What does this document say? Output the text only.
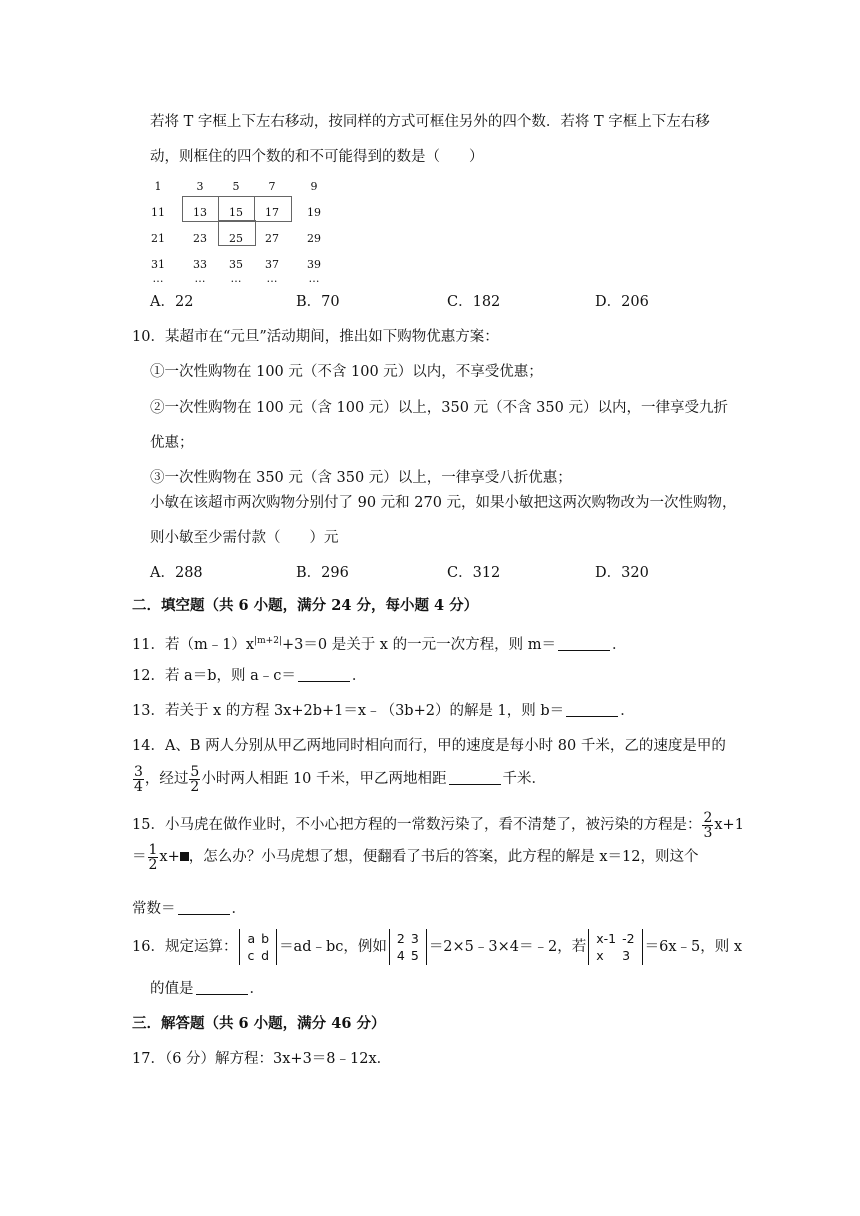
若将 T 字框上下左右移动，按同样的方式可框住另外的四个数．若将 T 字框上下左右移
动，则框住的四个数的和不可能得到的数是（　　）
1	3	5	7	9
11	13	15	17	19
21	23	25	27	29
31	33	35	37	39
…	…	…	…	…
A．22	B．70	C．182	D．206
10．某超市在“元旦”活动期间，推出如下购物优惠方案：
①一次性购物在 100 元（不含 100 元）以内，不享受优惠；
②一次性购物在 100 元（含 100 元）以上，350 元（不含 350 元）以内，一律享受九折
优惠；
③一次性购物在 350 元（含 350 元）以上，一律享受八折优惠；
小敏在该超市两次购物分别付了 90 元和 270 元，如果小敏把这两次购物改为一次性购物，
则小敏至少需付款（　　）元
A．288	B．296	C．312	D．320
二．填空题（共 6 小题，满分 24 分，每小题 4 分）
11．若$(m﹣1)x^{|m+2|}+3=0$ 是关于 x 的一元一次方程，则 m＝	．
12．若 a＝b，则 a﹣c＝	．
13．若关于 x 的方程 3x+2b+1＝x﹣（3b+2）的解是 1，则 b＝	．
14．A、B 两人分别从甲乙两地同时相向而行，甲的速度是每小时 80 千米，乙的速度是甲的
$\frac{3}{4}$ ，经过 $\frac{5}{2}$ 小时两人相距 10 千米，甲乙两地相距	千米．
15．小马虎在做作业时，不小心把方程的一常数污染了，看不清楚了，被污染的方程是： $\frac{2}{3} x+1$
＝ $\frac{1}{2} x+$ ，怎么办？小马虎想了想，便翻看了书后的答案，此方程的解是 x＝12，则这个
常数＝	．
16．规定运算：
a	b
c	d
＝ad﹣bc，例如
2	3
4	5
＝2×5﹣3×4＝﹣2，若
x-1	-2
x	3
＝6x﹣5，则 x
的值是	．
三．解答题（共 6 小题，满分 46 分）
17．（6 分）解方程：3x+3＝8﹣12x．
